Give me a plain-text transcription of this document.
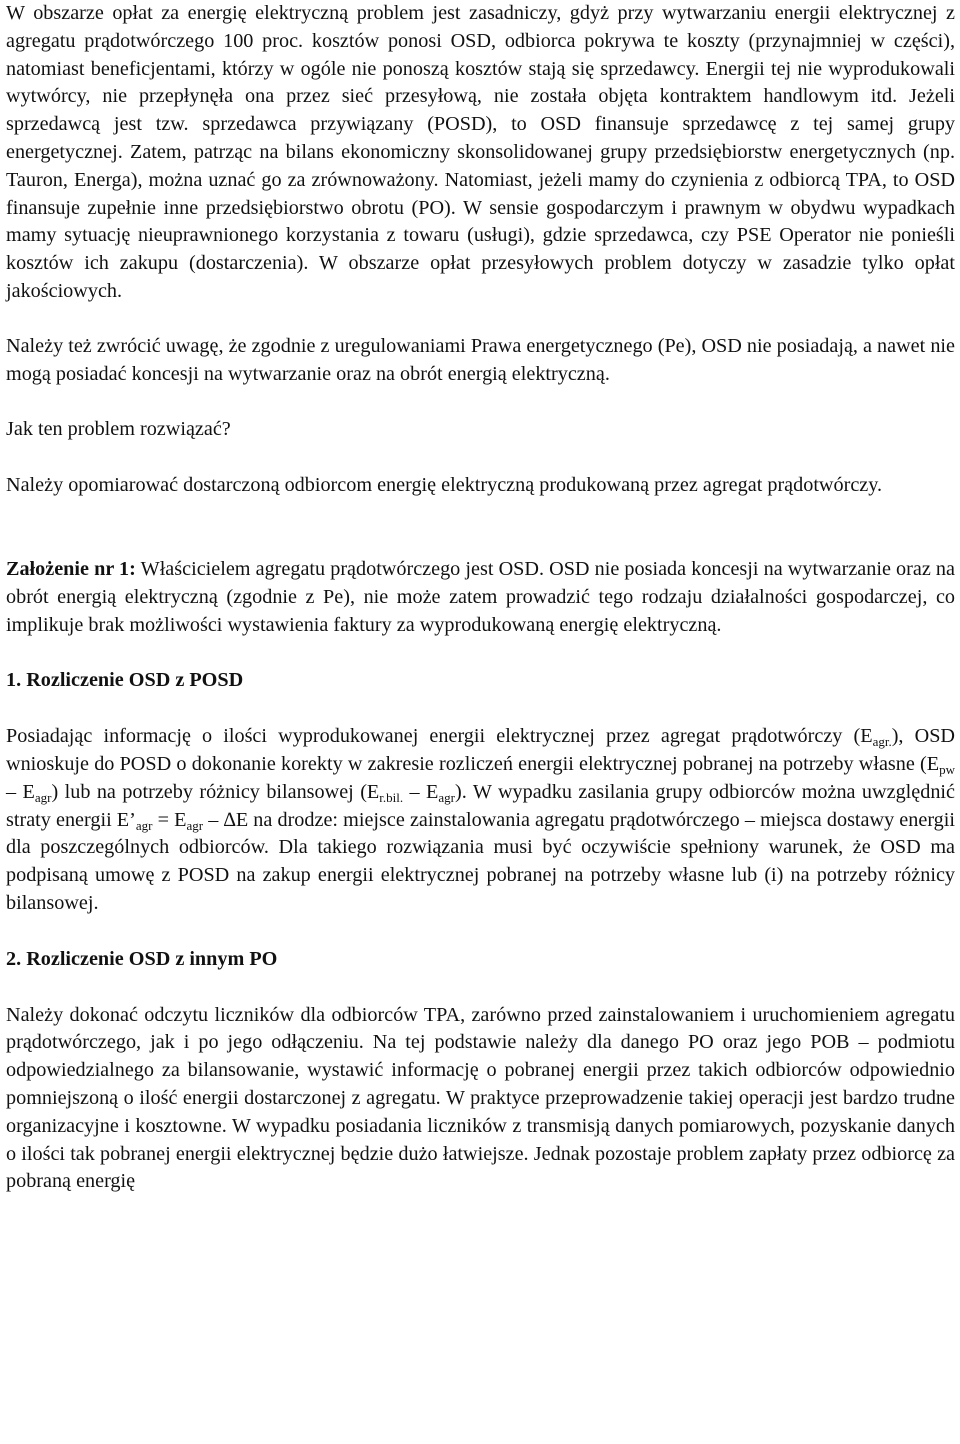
W obszarze opłat za energię elektryczną problem jest zasadniczy, gdyż przy wytwarzaniu energii elektrycznej z agregatu prądotwórczego 100 proc. kosztów ponosi OSD, odbiorca pokrywa te koszty (przynajmniej w części), natomiast beneficjentami, którzy w ogóle nie ponoszą kosztów stają się sprzedawcy. Energii tej nie wyprodukowali wytwórcy, nie przepłynęła ona przez sieć przesyłową, nie została objęta kontraktem handlowym itd. Jeżeli sprzedawcą jest tzw. sprzedawca przywiązany (POSD), to OSD finansuje sprzedawcę z tej samej grupy energetycznej. Zatem, patrząc na bilans ekonomiczny skonsolidowanej grupy przedsiębiorstw energetycznych (np. Tauron, Energa), można uznać go za zrównoważony. Natomiast, jeżeli mamy do czynienia z odbiorcą TPA, to OSD finansuje zupełnie inne przedsiębiorstwo obrotu (PO). W sensie gospodarczym i prawnym w obydwu wypadkach mamy sytuację nieuprawnionego korzystania z towaru (usługi), gdzie sprzedawca, czy PSE Operator nie ponieśli kosztów ich zakupu (dostarczenia). W obszarze opłat przesyłowych problem dotyczy w zasadzie tylko opłat jakościowych.

Należy też zwrócić uwagę, że zgodnie z uregulowaniami Prawa energetycznego (Pe), OSD nie posiadają, a nawet nie mogą posiadać koncesji na wytwarzanie oraz na obrót energią elektryczną.

Jak ten problem rozwiązać?

Należy opomiarować dostarczoną odbiorcom energię elektryczną produkowaną przez agregat prądotwórczy.

Założenie nr 1: Właścicielem agregatu prądotwórczego jest OSD. OSD nie posiada koncesji na wytwarzanie oraz na obrót energią elektryczną (zgodnie z Pe), nie może zatem prowadzić tego rodzaju działalności gospodarczej, co implikuje brak możliwości wystawienia faktury za wyprodukowaną energię elektryczną.

1. Rozliczenie OSD z POSD

Posiadając informację o ilości wyprodukowanej energii elektrycznej przez agregat prądotwórczy $(E_{agr.})$, OSD wnioskuje do POSD o dokonanie korekty w zakresie rozliczeń energii elektrycznej pobranej na potrzeby własne $(E_{pw} - E_{agr})$ lub na potrzeby różnicy bilansowej $(E_{r.bil.} - E_{agr})$. W wypadku zasilania grupy odbiorców można uwzględnić straty energii $E’_{agr} = E_{agr} - \Delta E$ na drodze: miejsce zainstalowania agregatu prądotwórczego – miejsca dostawy energii dla poszczególnych odbiorców. Dla takiego rozwiązania musi być oczywiście spełniony warunek, że OSD ma podpisaną umowę z POSD na zakup energii elektrycznej pobranej na potrzeby własne lub (i) na potrzeby różnicy bilansowej.

2. Rozliczenie OSD z innym PO

Należy dokonać odczytu liczników dla odbiorców TPA, zarówno przed zainstalowaniem i uruchomieniem agregatu prądotwórczego, jak i po jego odłączeniu. Na tej podstawie należy dla danego PO oraz jego POB – podmiotu odpowiedzialnego za bilansowanie, wystawić informację o pobranej energii przez takich odbiorców odpowiednio pomniejszoną o ilość energii dostarczonej z agregatu. W praktyce przeprowadzenie takiej operacji jest bardzo trudne organizacyjne i kosztowne. W wypadku posiadania liczników z transmisją danych pomiarowych, pozyskanie danych o ilości tak pobranej energii elektrycznej będzie dużo łatwiejsze. Jednak pozostaje problem zapłaty przez odbiorcę za pobraną energię
